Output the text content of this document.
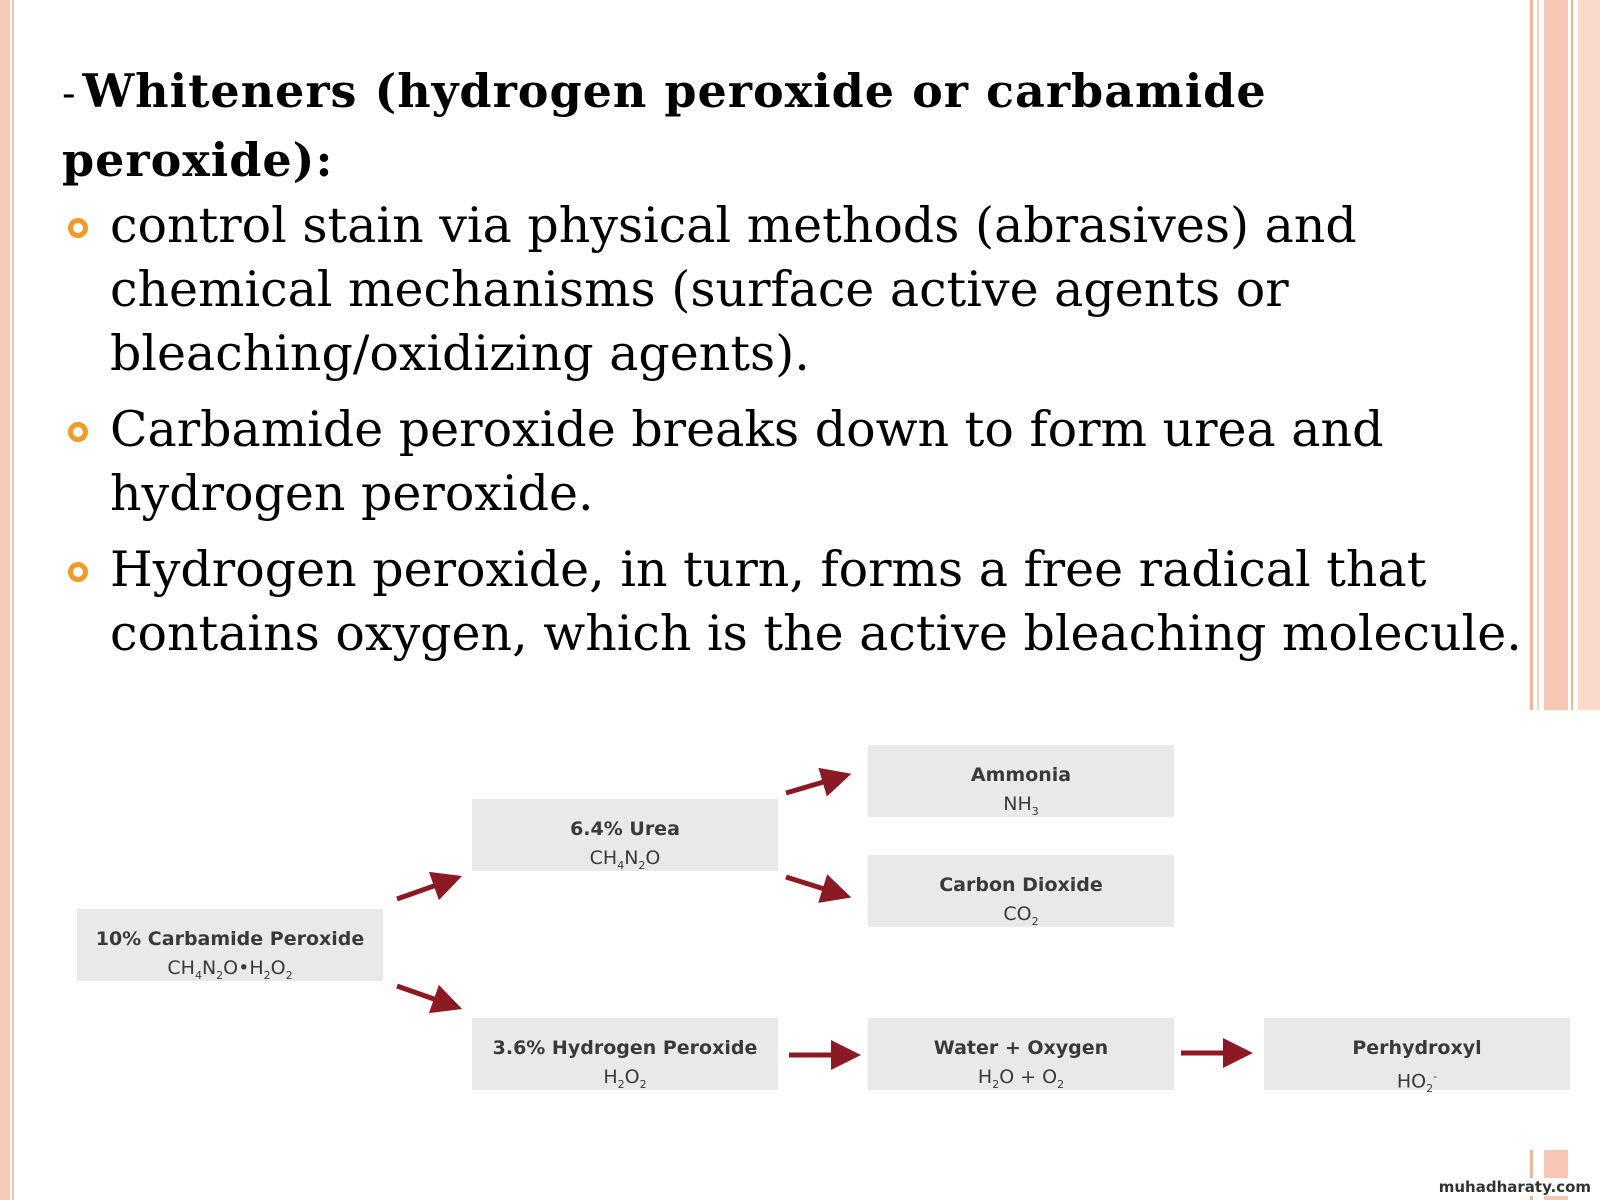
- Whiteners (hydrogen peroxide or carbamide peroxide):
control stain via physical methods (abrasives) and chemical mechanisms (surface active agents or bleaching/oxidizing agents).
Carbamide peroxide breaks down to form urea and hydrogen peroxide.
Hydrogen peroxide, in turn, forms a free radical that contains oxygen, which is the active bleaching molecule.
10% Carbamide Peroxide
$CH_4N_2O•H_2O_2$
6.4% Urea
$CH_4N_2O$
3.6% Hydrogen Peroxide
$H_2O_2$
Ammonia
$NH_3$
Carbon Dioxide
$CO_2$
Water + Oxygen
$H_2O + O_2$
Perhydroxyl
$HO_2^-$
muhadharaty.com
